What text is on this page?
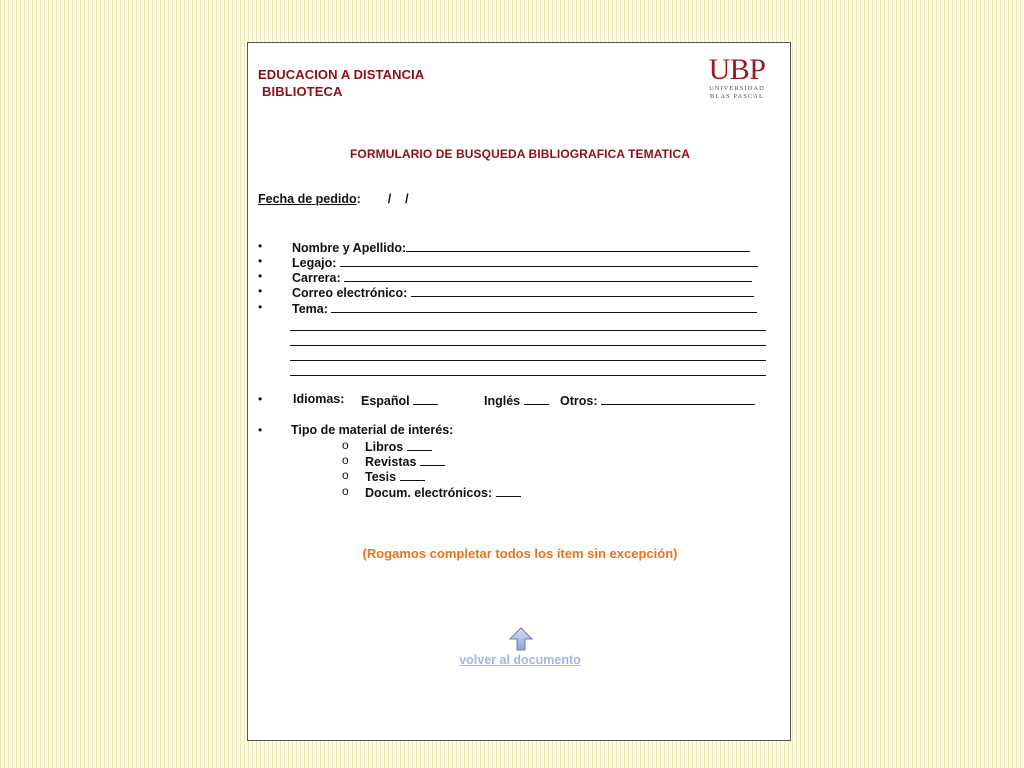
EDUCACION A DISTANCIA
BIBLIOTECA
UBP
UNIVERSIDAD
BLAS PASCAL
FORMULARIO DE BUSQUEDA BIBLIOGRAFICA TEMATICA
Fecha de pedido: /    /
• Nombre y Apellido:
• Legajo:
• Carrera:
• Correo electrónico:
• Tema:
• Idiomas: Español	Inglés	Otros:
• Tipo de material de interés:
o Libros
o Revistas
o Tesis
o Docum. electrónicos:
(Rogamos completar todos los ítem sin excepción)
volver al documento
